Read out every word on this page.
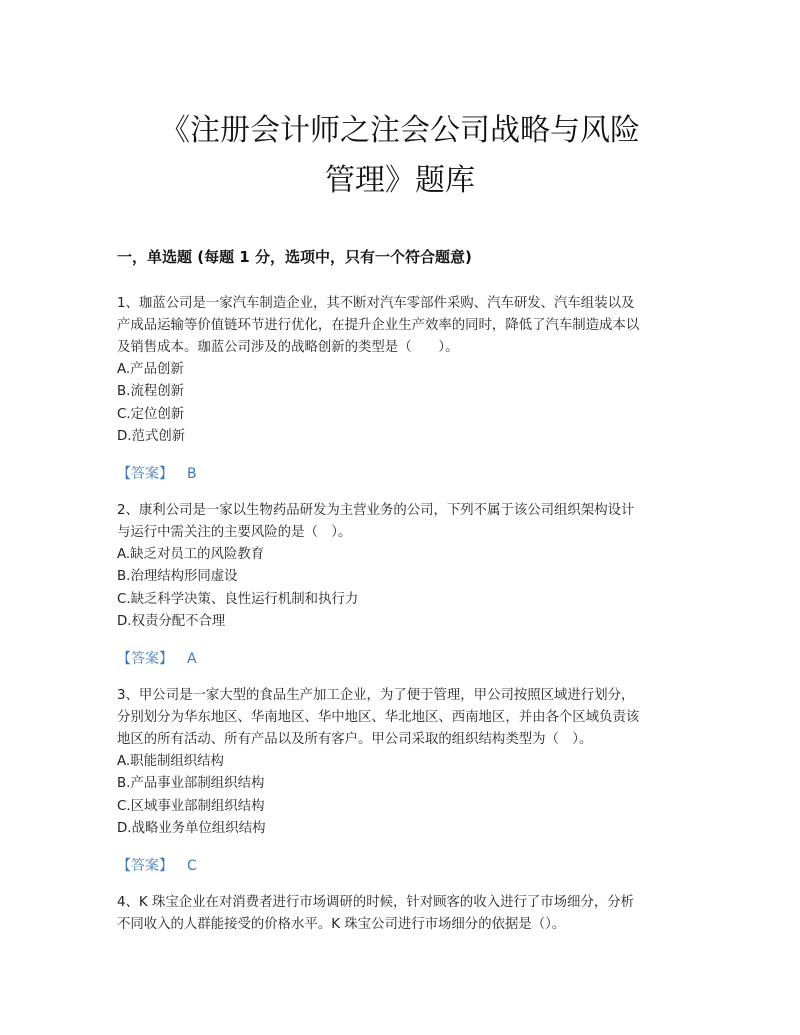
《注册会计师之注会公司战略与风险
管理》题库
一，单选题 (每题 1 分，选项中，只有一个符合题意)

1、珈蓝公司是一家汽车制造企业，其不断对汽车零部件采购、汽车研发、汽车组装以及
产成品运输等价值链环节进行优化，在提升企业生产效率的同时，降低了汽车制造成本以
及销售成本。珈蓝公司涉及的战略创新的类型是（　　）。

A.产品创新
B.流程创新
C.定位创新
D.范式创新
【答案】 B

2、康利公司是一家以生物药品研发为主营业务的公司，下列不属于该公司组织架构设计
与运行中需关注的主要风险的是（　）。

A.缺乏对员工的风险教育
B.治理结构形同虚设
C.缺乏科学决策、良性运行机制和执行力
D.权责分配不合理
【答案】 A

3、甲公司是一家大型的食品生产加工企业，为了便于管理，甲公司按照区域进行划分，
分别划分为华东地区、华南地区、华中地区、华北地区、西南地区，并由各个区域负责该
地区的所有活动、所有产品以及所有客户。甲公司采取的组织结构类型为（　）。

A.职能制组织结构
B.产品事业部制组织结构
C.区域事业部制组织结构
D.战略业务单位组织结构
【答案】 C

4、K 珠宝企业在对消费者进行市场调研的时候，针对顾客的收入进行了市场细分，分析
不同收入的人群能接受的价格水平。K 珠宝公司进行市场细分的依据是（）。
